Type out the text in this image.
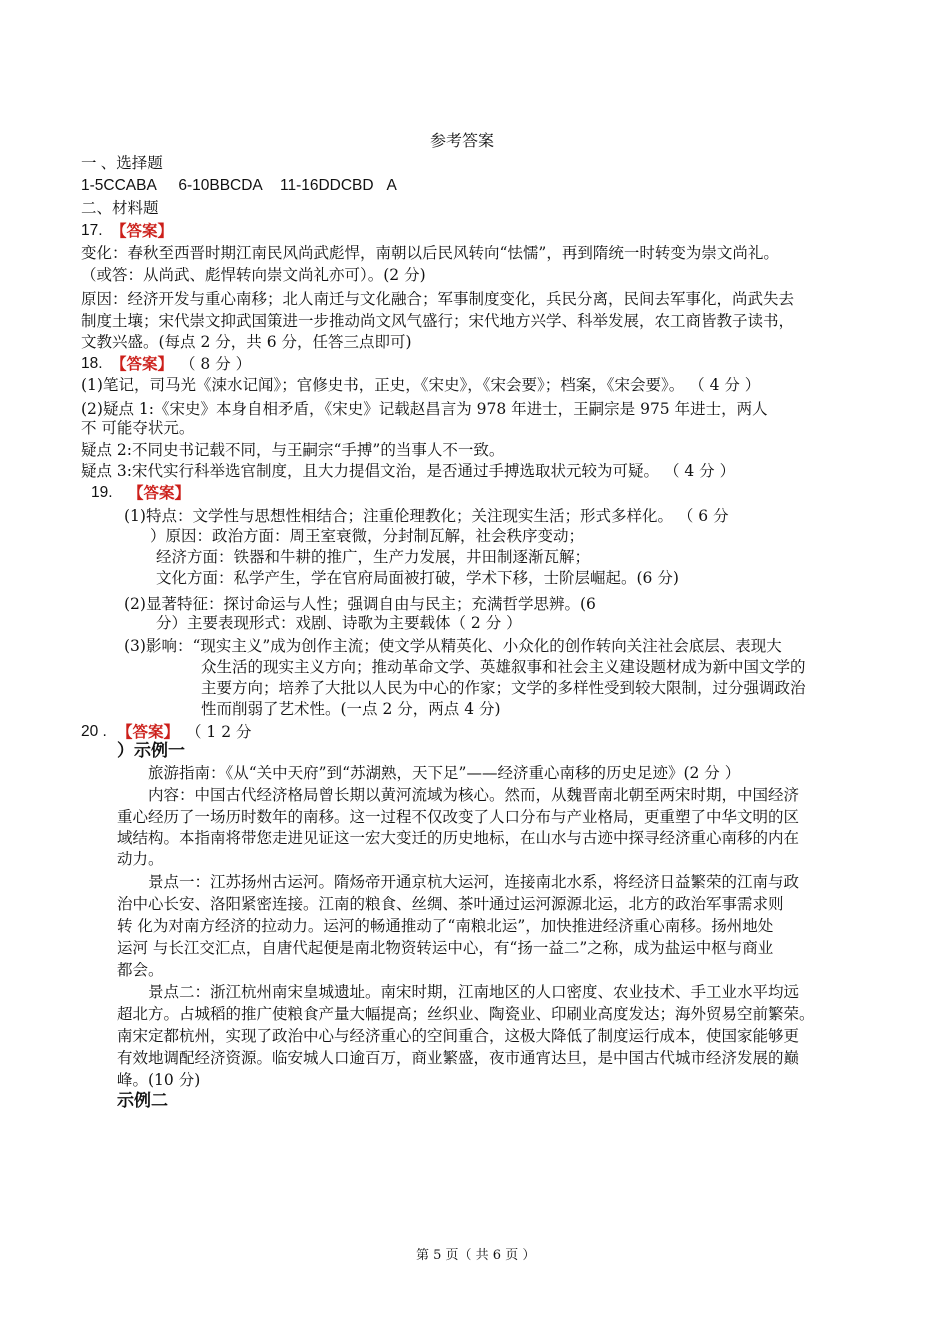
参考答案
一 、选择题
1-5CCABA     6-10BBCDA    11-16DDCBD   A
二、材料题
17. 【答案】
变化：春秋至西晋时期江南民风尚武彪悍，南朝以后民风转向“怯懦”，再到隋统一时转变为崇文尚礼。
（或答：从尚武、彪悍转向崇文尚礼亦可）。(2 分)
原因：经济开发与重心南移；北人南迁与文化融合；军事制度变化，兵民分离，民间去军事化，尚武失去
制度土壤；宋代崇文抑武国策进一步推动尚文风气盛行；宋代地方兴学、科举发展，农工商皆教子读书，
文教兴盛。(每点 2 分，共 6 分，任答三点即可)
18. 【答案】 （ 8 分 ）
(1)笔记，司马光《涑水记闻》；官修史书，正史，《宋史》，《宋会要》；档案，《宋会要》。 （ 4 分 ）
(2)疑点 1:《宋史》本身自相矛盾，《宋史》记载赵昌言为 978 年进士，王嗣宗是 975 年进士，两人
不 可能夺状元。
疑点 2:不同史书记载不同，与王嗣宗“手搏”的当事人不一致。
疑点 3:宋代实行科举选官制度，且大力提倡文治，是否通过手搏选取状元较为可疑。 （ 4 分 ）
19. 【答案】
(1)特点：文学性与思想性相结合；注重伦理教化；关注现实生活；形式多样化。 （ 6 分
）原因：政治方面：周王室衰微，分封制瓦解，社会秩序变动；
经济方面：铁器和牛耕的推广，生产力发展，井田制逐渐瓦解；
文化方面：私学产生，学在官府局面被打破，学术下移，士阶层崛起。(6 分)
(2)显著特征：探讨命运与人性；强调自由与民主；充满哲学思辨。(6
分）主要表现形式：戏剧、诗歌为主要载体（ 2 分 ）
(3)影响：“现实主义”成为创作主流；使文学从精英化、小众化的创作转向关注社会底层、表现大
众生活的现实主义方向；推动革命文学、英雄叙事和社会主义建设题材成为新中国文学的
主要方向；培养了大批以人民为中心的作家；文学的多样性受到较大限制，过分强调政治
性而削弱了艺术性。(一点 2 分，两点 4 分)
20 . 【答案】 （ 1 2 分
）示例一
旅游指南：《从“关中天府”到“苏湖熟，天下足”——经济重心南移的历史足迹》(2 分 ）
内容：中国古代经济格局曾长期以黄河流域为核心。然而，从魏晋南北朝至两宋时期，中国经济
重心经历了一场历时数年的南移。这一过程不仅改变了人口分布与产业格局，更重塑了中华文明的区
域结构。本指南将带您走进见证这一宏大变迁的历史地标，在山水与古迹中探寻经济重心南移的内在
动力。
景点一：江苏扬州古运河。隋炀帝开通京杭大运河，连接南北水系，将经济日益繁荣的江南与政
治中心长安、洛阳紧密连接。江南的粮食、丝绸、茶叶通过运河源源北运，北方的政治军事需求则
转 化为对南方经济的拉动力。运河的畅通推动了“南粮北运”，加快推进经济重心南移。扬州地处
运河 与长江交汇点，自唐代起便是南北物资转运中心，有“扬一益二”之称，成为盐运中枢与商业
都会。
景点二：浙江杭州南宋皇城遗址。南宋时期，江南地区的人口密度、农业技术、手工业水平均远
超北方。占城稻的推广使粮食产量大幅提高；丝织业、陶瓷业、印刷业高度发达；海外贸易空前繁荣。
南宋定都杭州，实现了政治中心与经济重心的空间重合，这极大降低了制度运行成本，使国家能够更
有效地调配经济资源。临安城人口逾百万，商业繁盛，夜市通宵达旦，是中国古代城市经济发展的巅
峰。(10 分)
示例二
第 5 页（ 共 6 页 ）
